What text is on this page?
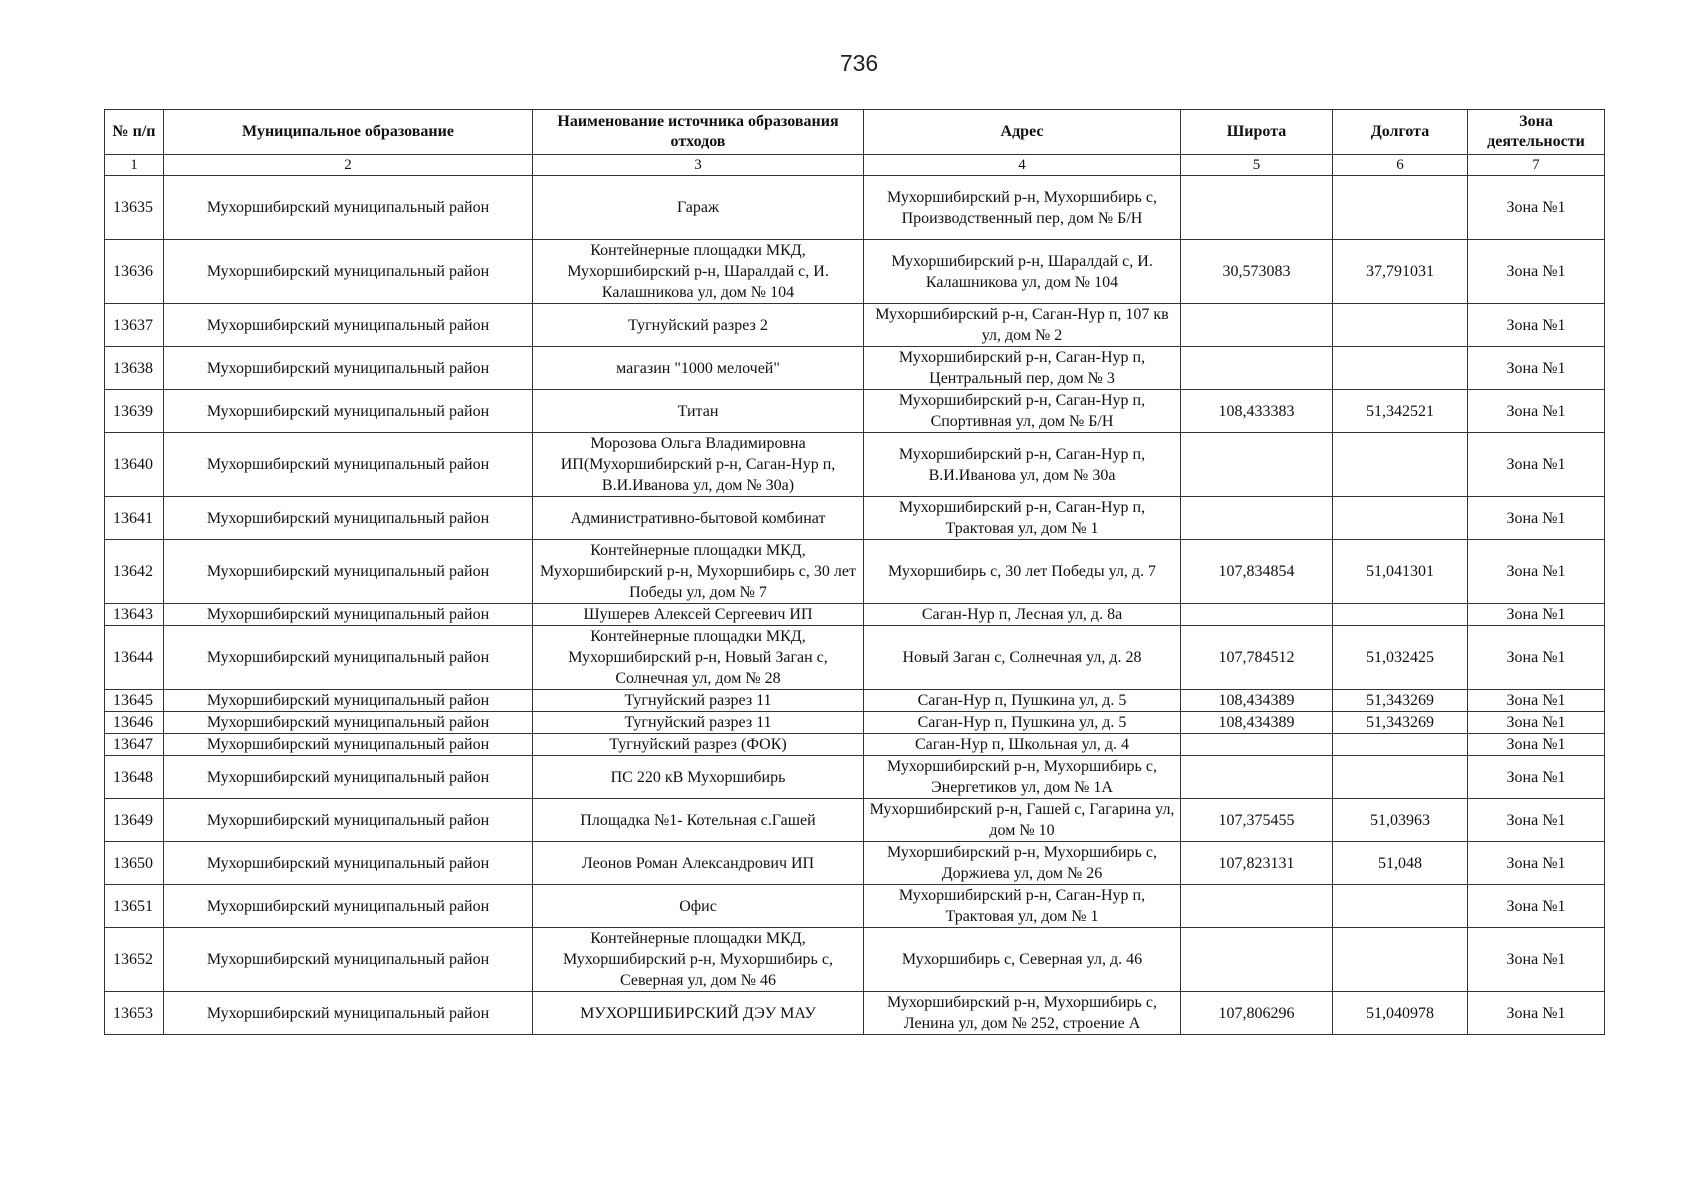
736
№ п/п	Муниципальное образование	Наименование источника образования отходов	Адрес	Широта	Долгота	Зона деятельности
1	2	3	4	5	6	7
13635	Мухоршибирский муниципальный район	Гараж	Мухоршибирский р-н, Мухоршибирь с, Производственный пер, дом № Б/Н			Зона №1
13636	Мухоршибирский муниципальный район	Контейнерные площадки МКД, Мухоршибирский р-н, Шаралдай с, И. Калашникова ул, дом № 104	Мухоршибирский р-н, Шаралдай с, И. Калашникова ул, дом № 104	30,573083	37,791031	Зона №1
13637	Мухоршибирский муниципальный район	Тугнуйский разрез 2	Мухоршибирский р-н, Саган-Нур п, 107 кв ул, дом № 2			Зона №1
13638	Мухоршибирский муниципальный район	магазин "1000 мелочей"	Мухоршибирский р-н, Саган-Нур п, Центральный пер, дом № 3			Зона №1
13639	Мухоршибирский муниципальный район	Титан	Мухоршибирский р-н, Саган-Нур п, Спортивная ул, дом № Б/Н	108,433383	51,342521	Зона №1
13640	Мухоршибирский муниципальный район	Морозова Ольга Владимировна ИП(Мухоршибирский р-н, Саган-Нур п, В.И.Иванова ул, дом № 30а)	Мухоршибирский р-н, Саган-Нур п, В.И.Иванова ул, дом № 30а			Зона №1
13641	Мухоршибирский муниципальный район	Административно-бытовой комбинат	Мухоршибирский р-н, Саган-Нур п, Трактовая ул, дом № 1			Зона №1
13642	Мухоршибирский муниципальный район	Контейнерные площадки МКД, Мухоршибирский р-н, Мухоршибирь с, 30 лет Победы ул, дом № 7	Мухоршибирь с, 30 лет Победы ул, д. 7	107,834854	51,041301	Зона №1
13643	Мухоршибирский муниципальный район	Шушерев Алексей Сергеевич ИП	Саган-Нур п, Лесная ул, д. 8а			Зона №1
13644	Мухоршибирский муниципальный район	Контейнерные площадки МКД, Мухоршибирский р-н, Новый Заган с, Солнечная ул, дом № 28	Новый Заган с, Солнечная ул, д. 28	107,784512	51,032425	Зона №1
13645	Мухоршибирский муниципальный район	Тугнуйский разрез 11	Саган-Нур п, Пушкина ул, д. 5	108,434389	51,343269	Зона №1
13646	Мухоршибирский муниципальный район	Тугнуйский разрез 11	Саган-Нур п, Пушкина ул, д. 5	108,434389	51,343269	Зона №1
13647	Мухоршибирский муниципальный район	Тугнуйский разрез (ФОК)	Саган-Нур п, Школьная ул, д. 4			Зона №1
13648	Мухоршибирский муниципальный район	ПС 220 кВ Мухоршибирь	Мухоршибирский р-н, Мухоршибирь с, Энергетиков ул, дом № 1А			Зона №1
13649	Мухоршибирский муниципальный район	Площадка №1- Котельная с.Гашей	Мухоршибирский р-н, Гашей с, Гагарина ул, дом № 10	107,375455	51,03963	Зона №1
13650	Мухоршибирский муниципальный район	Леонов Роман Александрович ИП	Мухоршибирский р-н, Мухоршибирь с, Доржиева ул, дом № 26	107,823131	51,048	Зона №1
13651	Мухоршибирский муниципальный район	Офис	Мухоршибирский р-н, Саган-Нур п, Трактовая ул, дом № 1			Зона №1
13652	Мухоршибирский муниципальный район	Контейнерные площадки МКД, Мухоршибирский р-н, Мухоршибирь с, Северная ул, дом № 46	Мухоршибирь с, Северная ул, д. 46			Зона №1
13653	Мухоршибирский муниципальный район	МУХОРШИБИРСКИЙ ДЭУ МАУ	Мухоршибирский р-н, Мухоршибирь с, Ленина ул, дом № 252, строение А	107,806296	51,040978	Зона №1
